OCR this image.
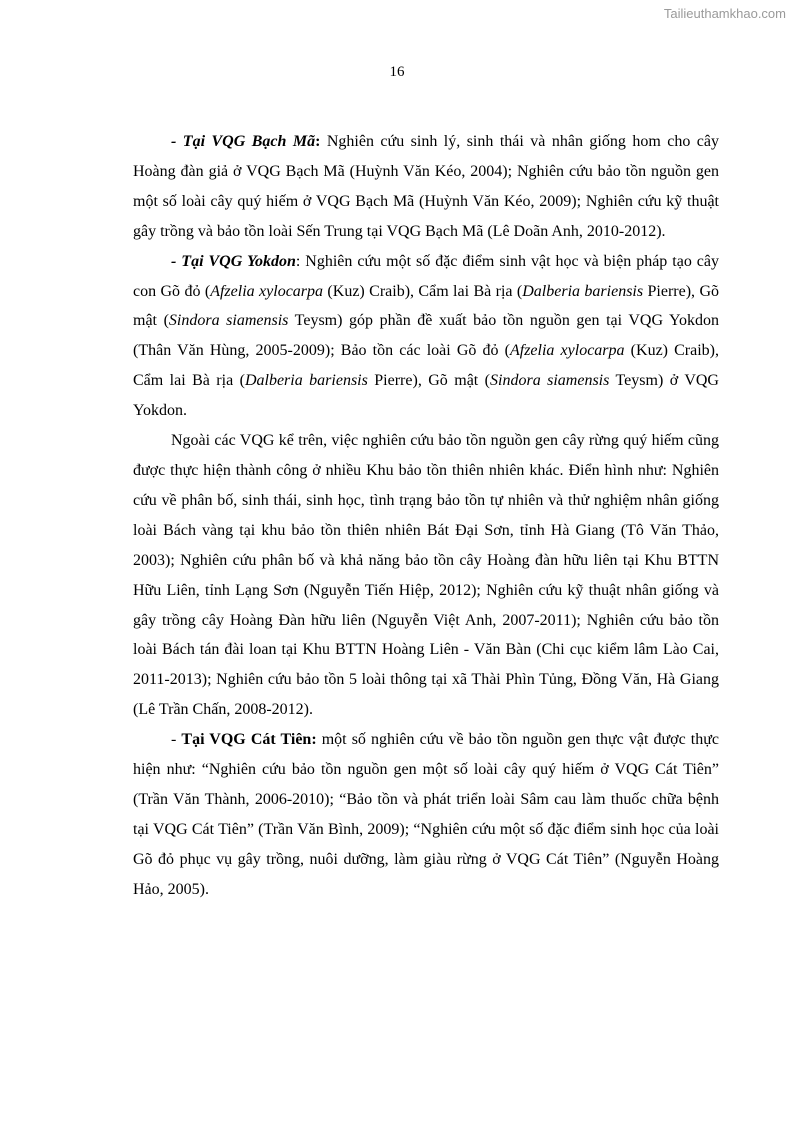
Tailieuthamkhao.com
16

- Tại VQG Bạch Mã: Nghiên cứu sinh lý, sinh thái và nhân giống hom cho cây Hoàng đàn giả ở VQG Bạch Mã (Huỳnh Văn Kéo, 2004); Nghiên cứu bảo tồn nguồn gen một số loài cây quý hiếm ở VQG Bạch Mã (Huỳnh Văn Kéo, 2009); Nghiên cứu kỹ thuật gây trồng và bảo tồn loài Sến Trung tại VQG Bạch Mã (Lê Doãn Anh, 2010-2012).

- Tại VQG Yokdon: Nghiên cứu một số đặc điểm sinh vật học và biện pháp tạo cây con Gõ đỏ (Afzelia xylocarpa (Kuz) Craib), Cẩm lai Bà rịa (Dalberia bariensis Pierre), Gõ mật (Sindora siamensis Teysm) góp phần đề xuất bảo tồn nguồn gen tại VQG Yokdon (Thân Văn Hùng, 2005-2009); Bảo tồn các loài Gõ đỏ (Afzelia xylocarpa (Kuz) Craib), Cẩm lai Bà rịa (Dalberia bariensis Pierre), Gõ mật (Sindora siamensis Teysm) ở VQG Yokdon.

Ngoài các VQG kể trên, việc nghiên cứu bảo tồn nguồn gen cây rừng quý hiếm cũng được thực hiện thành công ở nhiều Khu bảo tồn thiên nhiên khác. Điển hình như: Nghiên cứu về phân bố, sinh thái, sinh học, tình trạng bảo tồn tự nhiên và thử nghiệm nhân giống loài Bách vàng tại khu bảo tồn thiên nhiên Bát Đại Sơn, tỉnh Hà Giang (Tô Văn Thảo, 2003); Nghiên cứu phân bố và khả năng bảo tồn cây Hoàng đàn hữu liên tại Khu BTTN Hữu Liên, tỉnh Lạng Sơn (Nguyễn Tiến Hiệp, 2012); Nghiên cứu kỹ thuật nhân giống và gây trồng cây Hoàng Đàn hữu liên (Nguyễn Việt Anh, 2007-2011); Nghiên cứu bảo tồn loài Bách tán đài loan tại Khu BTTN Hoàng Liên - Văn Bàn (Chi cục kiểm lâm Lào Cai, 2011-2013); Nghiên cứu bảo tồn 5 loài thông tại xã Thài Phìn Tủng, Đồng Văn, Hà Giang (Lê Trần Chấn, 2008-2012).

- Tại VQG Cát Tiên: một số nghiên cứu về bảo tồn nguồn gen thực vật được thực hiện như: “Nghiên cứu bảo tồn nguồn gen một số loài cây quý hiếm ở VQG Cát Tiên” (Trần Văn Thành, 2006-2010); “Bảo tồn và phát triển loài Sâm cau làm thuốc chữa bệnh tại VQG Cát Tiên” (Trần Văn Bình, 2009); “Nghiên cứu một số đặc điểm sinh học của loài Gõ đỏ phục vụ gây trồng, nuôi dưỡng, làm giàu rừng ở VQG Cát Tiên” (Nguyễn Hoàng Hảo, 2005).
